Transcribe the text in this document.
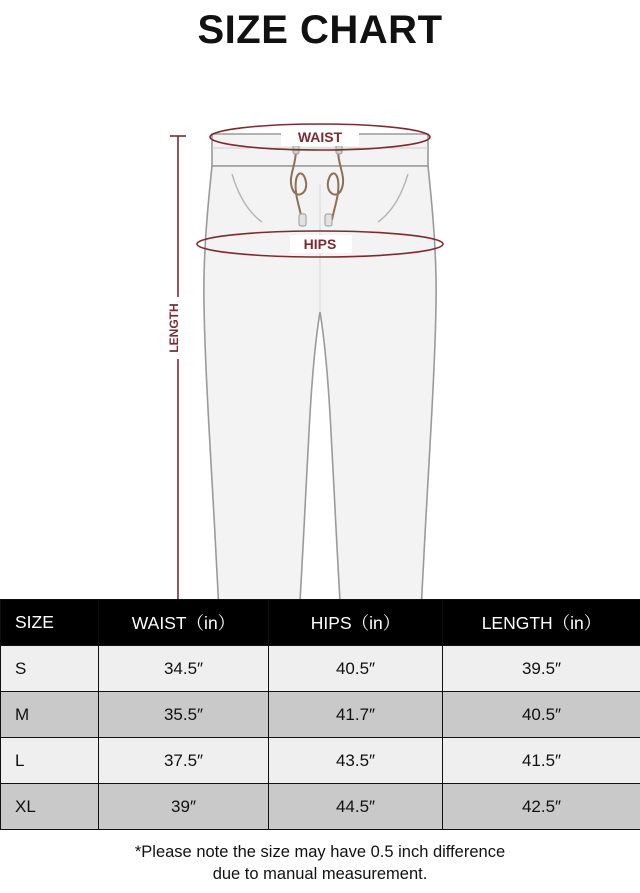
SIZE CHART
WAIST
HIPS
LENGTH
SIZE	WAIST（in）	HIPS（in）	LENGTH（in）
S	34.5″	40.5″	39.5″
M	35.5″	41.7″	40.5″
L	37.5″	43.5″	41.5″
XL	39″	44.5″	42.5″
*Please note the size may have 0.5 inch difference
due to manual measurement.
